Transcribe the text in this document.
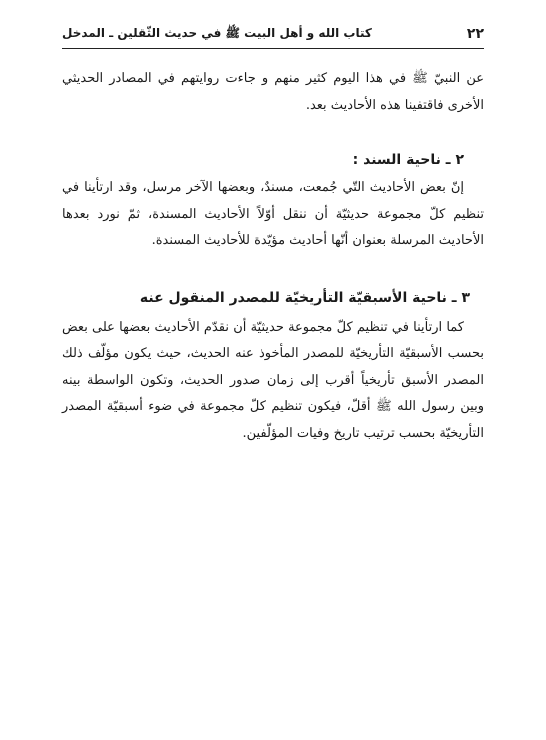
٢٢
كتاب الله و أهل البيت ﷺ في حديث الثّقلين ـ المدخل

عن النبيّ ﷺ في هذا اليوم كثير منهم و جاءت روايتهم في المصادر الحديثي الأخرى فاقتفينا هذه الأحاديث بعد.

٢ ـ ناحية السند :

إنّ بعض الأحاديث التّي جُمعت، مسندٌ، وبعضها الآخر مرسل، وقد ارتأينا في تنظيم كلّ مجموعة حديثيّة أن ننقل أوّلاً الأحاديث المسندة، ثمّ نورد بعدها الأحاديث المرسلة بعنوان أنّها أحاديث مؤيّدة للأحاديث المسندة.

٣ ـ ناحية الأسبقيّة التأريخيّة للمصدر المنقول عنه

كما ارتأينا في تنظيم كلّ مجموعة حديثيّة أن نقدّم الأحاديث بعضها على بعض بحسب الأسبقيّة التأريخيّة للمصدر المأخوذ عنه الحديث، حيث يكون مؤلّف ذلك المصدر الأسبق تأريخياً أقرب إلى زمان صدور الحديث، وتكون الواسطة بينه وبين رسول الله ﷺ أقلّ، فيكون تنظيم كلّ مجموعة في ضوء أسبقيّة المصدر التأريخيّة بحسب ترتيب تاريخ وفيات المؤلّفين.
